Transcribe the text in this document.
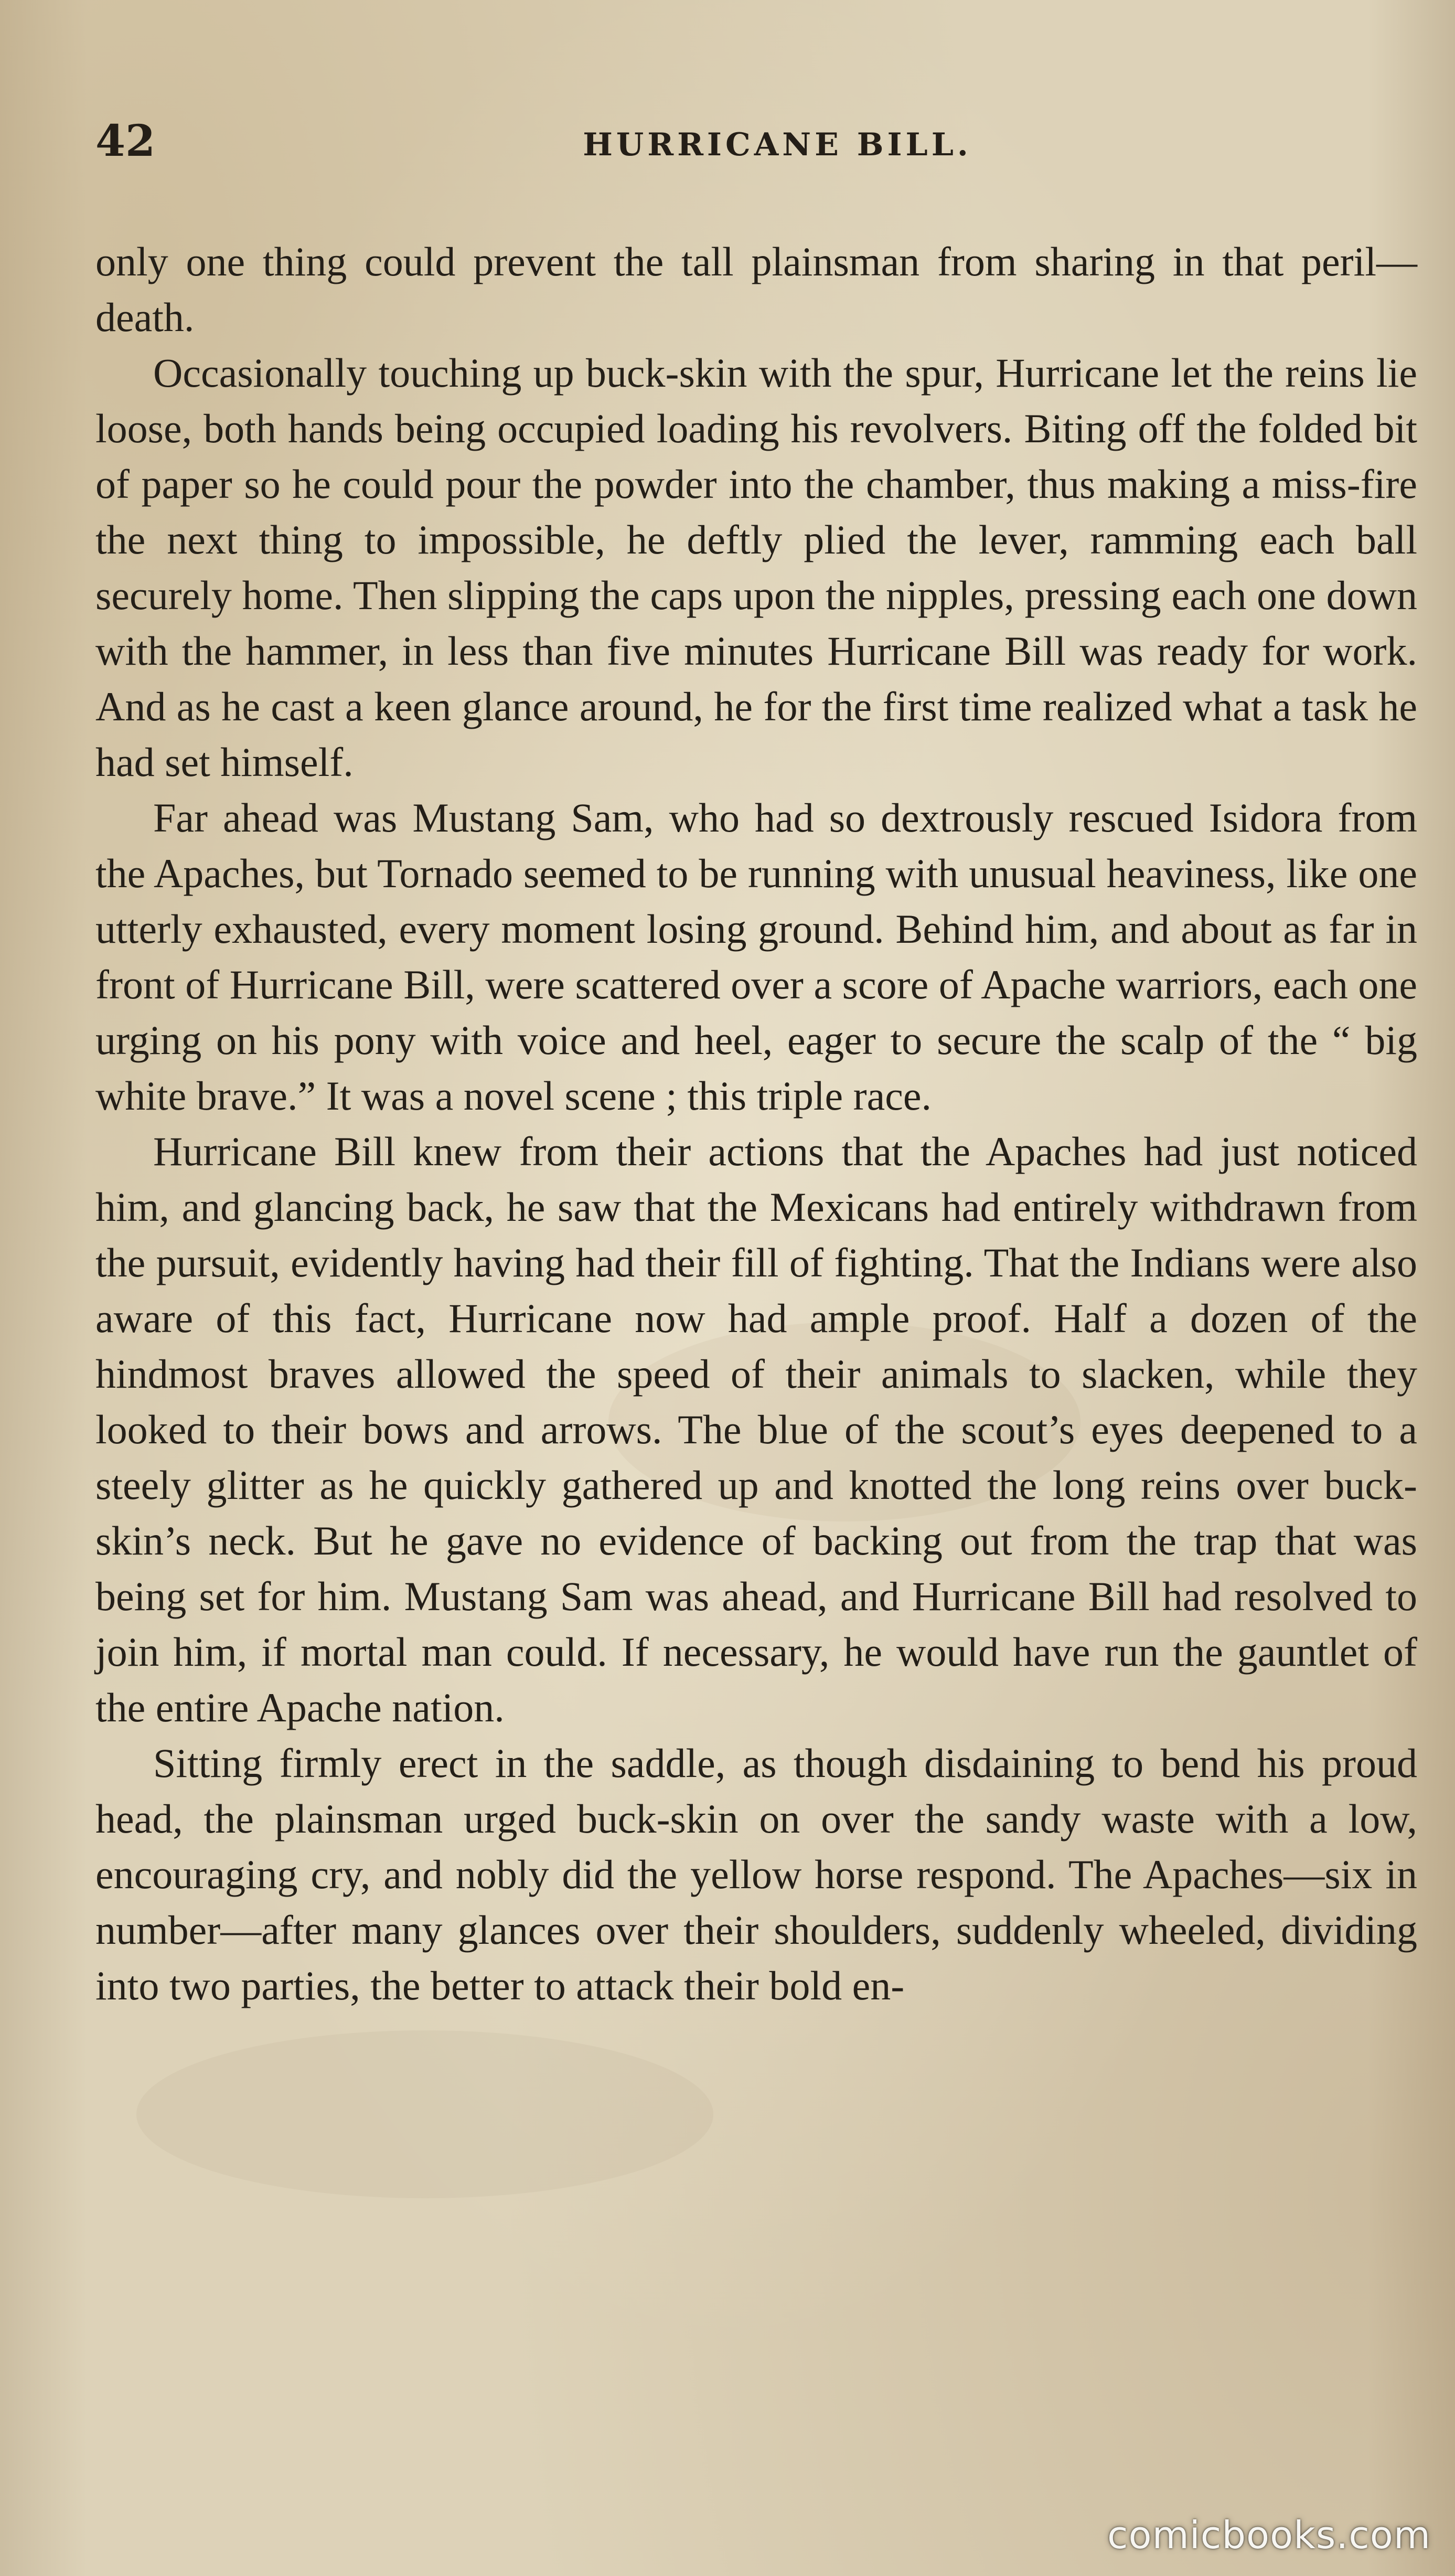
42	HURRICANE BILL.

only one thing could prevent the tall plainsman from sharing in that peril—death.

Occasionally touching up buck-skin with the spur, Hurricane let the reins lie loose, both hands being occupied loading his revolvers. Biting off the folded bit of paper so he could pour the powder into the chamber, thus making a miss-fire the next thing to impossible, he deftly plied the lever, ramming each ball securely home. Then slipping the caps upon the nipples, pressing each one down with the hammer, in less than five minutes Hurricane Bill was ready for work. And as he cast a keen glance around, he for the first time realized what a task he had set himself.

Far ahead was Mustang Sam, who had so dextrously rescued Isidora from the Apaches, but Tornado seemed to be running with unusual heaviness, like one utterly exhausted, every moment losing ground. Behind him, and about as far in front of Hurricane Bill, were scattered over a score of Apache warriors, each one urging on his pony with voice and heel, eager to secure the scalp of the “ big white brave.” It was a novel scene ; this triple race.

Hurricane Bill knew from their actions that the Apaches had just noticed him, and glancing back, he saw that the Mexicans had entirely withdrawn from the pursuit, evidently having had their fill of fighting. That the Indians were also aware of this fact, Hurricane now had ample proof. Half a dozen of the hindmost braves allowed the speed of their animals to slacken, while they looked to their bows and arrows. The blue of the scout’s eyes deepened to a steely glitter as he quickly gathered up and knotted the long reins over buck-skin’s neck. But he gave no evidence of backing out from the trap that was being set for him. Mustang Sam was ahead, and Hurricane Bill had resolved to join him, if mortal man could. If necessary, he would have run the gauntlet of the entire Apache nation.

Sitting firmly erect in the saddle, as though disdaining to bend his proud head, the plainsman urged buck-skin on over the sandy waste with a low, encouraging cry, and nobly did the yellow horse respond. The Apaches—six in number—after many glances over their shoulders, suddenly wheeled, dividing into two parties, the better to attack their bold en-

comicbooks.com
